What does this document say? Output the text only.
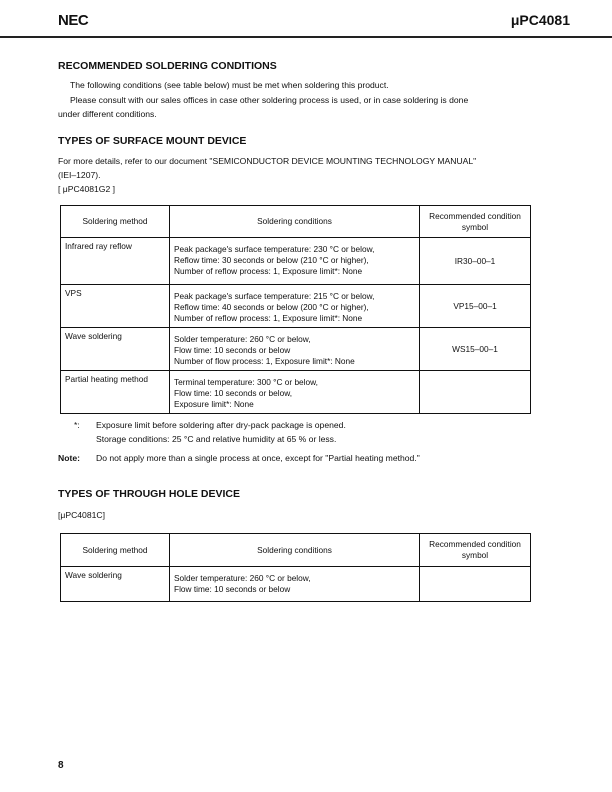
NEC	μPC4081
RECOMMENDED SOLDERING CONDITIONS
The following conditions (see table below) must be met when soldering this product.
Please consult with our sales offices in case other soldering process is used, or in case soldering is done
under different conditions.
TYPES OF SURFACE MOUNT DEVICE
For more details, refer to our document "SEMICONDUCTOR DEVICE MOUNTING TECHNOLOGY MANUAL"
(IEI–1207).
[ μPC4081G2 ]
Soldering method	Soldering conditions	Recommended condition symbol
Infrared ray reflow	Peak package's surface temperature: 230 °C or below,
Reflow time: 30 seconds or below (210 °C or higher),
Number of reflow process: 1, Exposure limit*: None	IR30–00–1
VPS	Peak package's surface temperature: 215 °C or below,
Reflow time: 40 seconds or below (200 °C or higher),
Number of reflow process: 1, Exposure limit*: None	VP15–00–1
Wave soldering	Solder temperature: 260 °C or below,
Flow time: 10 seconds or below
Number of flow process: 1, Exposure limit*: None	WS15–00–1
Partial heating method	Terminal temperature: 300 °C or below,
Flow time: 10 seconds or below,
Exposure limit*: None	

*: Exposure limit before soldering after dry-pack package is opened.
Storage conditions: 25 °C and relative humidity at 65 % or less.
Note: Do not apply more than a single process at once, except for "Partial heating method."
TYPES OF THROUGH HOLE DEVICE
[μPC4081C]
Soldering method	Soldering conditions	Recommended condition symbol
Wave soldering	Solder temperature: 260 °C or below,
Flow time: 10 seconds or below	

8
